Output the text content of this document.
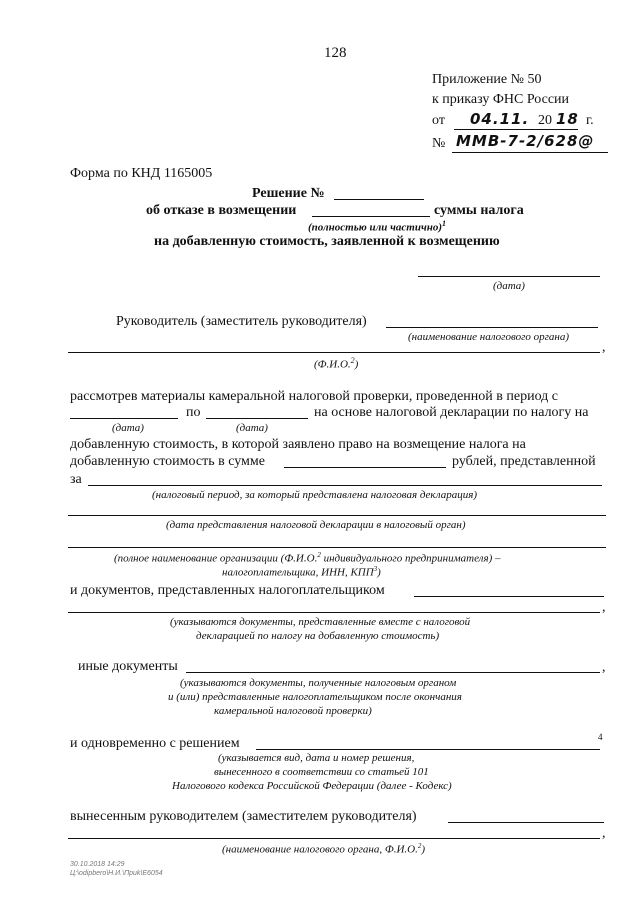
128
Приложение № 50
к приказу ФНС России
от 04.11. 20 18 г.
№ ММВ-7-2/628@
Форма по КНД 1165005
Решение №
об отказе в возмещении	суммы налога
(полностью или частично)$^1$
на добавленную стоимость, заявленной к возмещению
(дата)
Руководитель (заместитель руководителя)
(наименование налогового органа)
,
(Ф.И.О.$^2$)
рассмотрев материалы камеральной налоговой проверки, проведенной в период с
по	на основе налоговой декларации по налогу на
(дата)	(дата)
добавленную стоимость, в которой заявлено право на возмещение налога на
добавленную стоимость в сумме	рублей, представленной
за
(налоговый период, за который представлена налоговая декларация)
(дата представления налоговой декларации в налоговый орган)
(полное наименование организации (Ф.И.О.$^2$ индивидуального предпринимателя) –
налогоплательщика, ИНН, КПП$^3$)
и документов, представленных налогоплательщиком
,
(указываются документы, представленные вместе с налоговой
декларацией по налогу на добавленную стоимость)
иные документы	,
(указываются документы, полученные налоговым органом
и (или) представленные налогоплательщиком после окончания
камеральной налоговой проверки)
и одновременно с решением	4
(указывается вид, дата и номер решения,
вынесенного в соответствии со статьей 101
Налогового кодекса Российской Федерации (далее - Кодекс)
вынесенным руководителем (заместителем руководителя)
,
(наименование налогового органа, Ф.И.О.$^2$)
30.10.2018 14:29
Ц:\odipbero\Н.И.\Приk\E6054
